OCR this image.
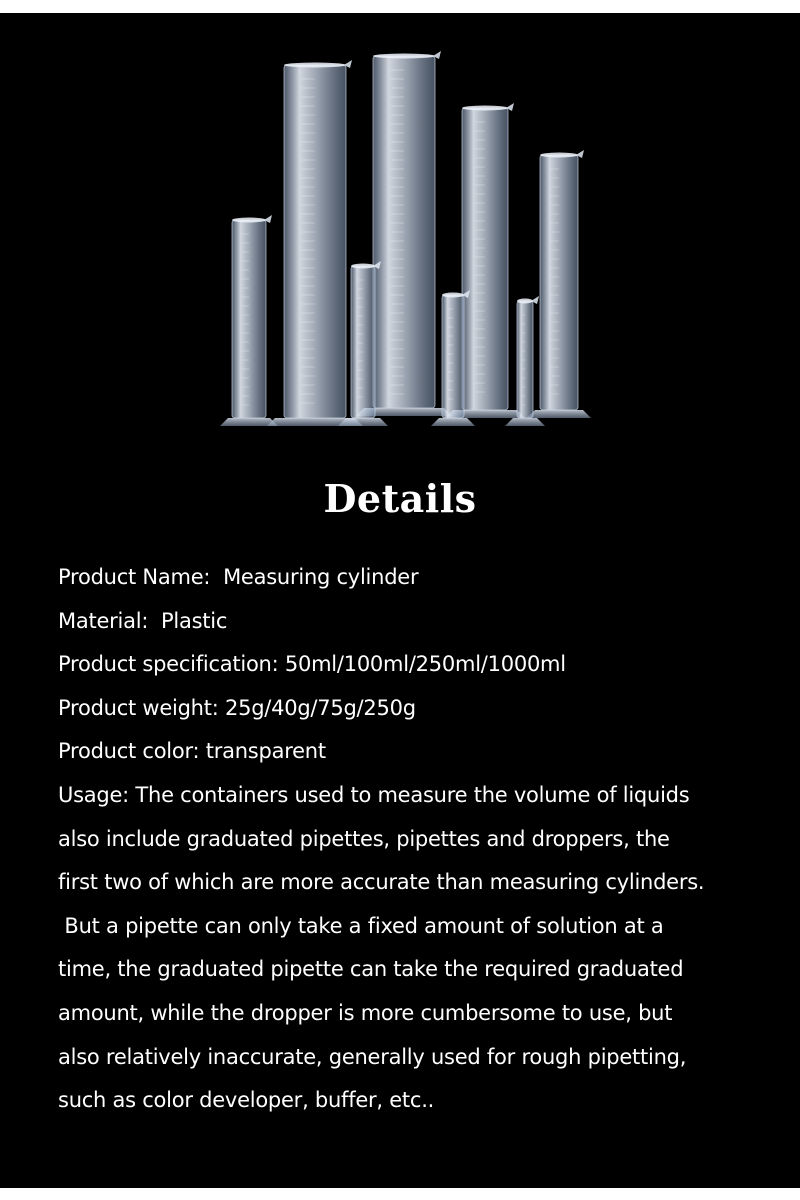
Details
Product Name: Measuring cylinder
Material: Plastic
Product specification: 50ml/100ml/250ml/1000ml
Product weight: 25g/40g/75g/250g
Product color: transparent
Usage: The containers used to measure the volume of liquids
also include graduated pipettes, pipettes and droppers, the
first two of which are more accurate than measuring cylinders.
But a pipette can only take a fixed amount of solution at a
time, the graduated pipette can take the required graduated
amount, while the dropper is more cumbersome to use, but
also relatively inaccurate, generally used for rough pipetting,
such as color developer, buffer, etc..
